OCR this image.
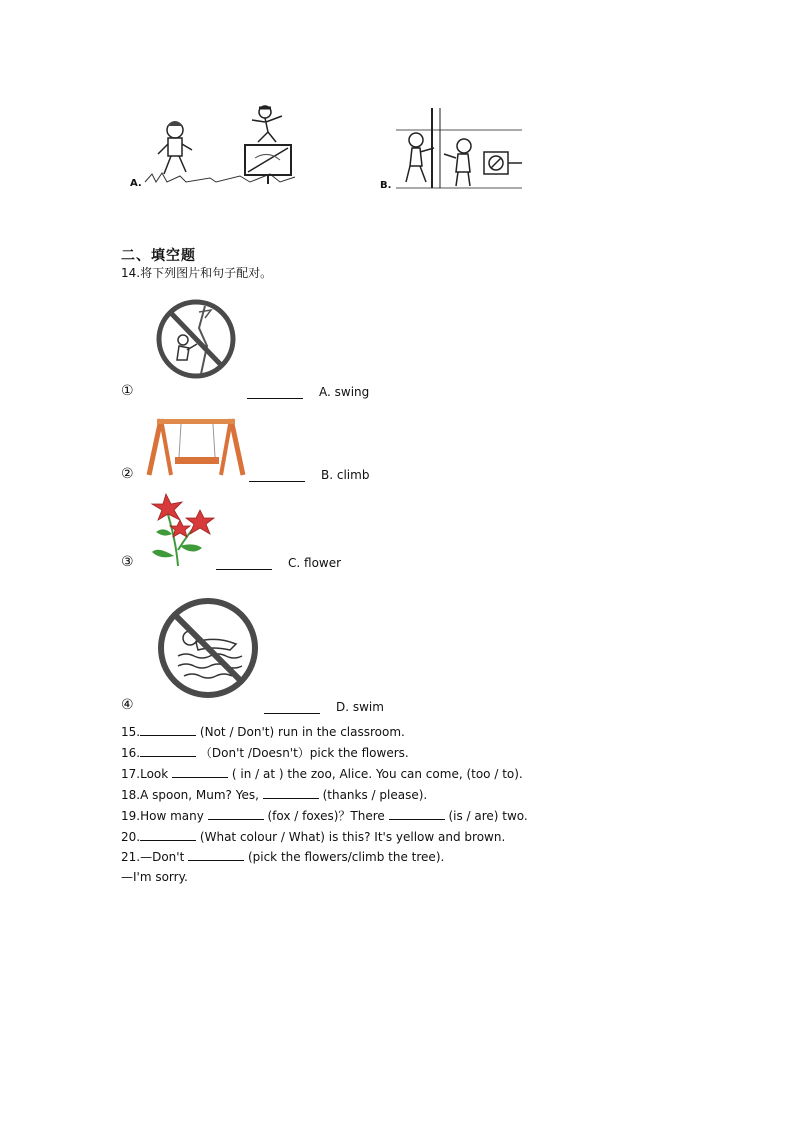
A.	B.
二、填空题
14.将下列图片和句子配对。
①	A. swing
②	B. climb
③	C. flower
④	D. swim
15.	(Not / Don't) run in the classroom.
16.	（Don't /Doesn't）pick the flowers.
17.Look	( in / at ) the zoo, Alice. You can come, (too / to).
18.A spoon, Mum? Yes,	(thanks / please).
19.How many	(fox / foxes)？There	(is / are) two.
20.	(What colour / What) is this? It's yellow and brown.
21.—Don't	(pick the flowers/climb the tree).
—I'm sorry.
